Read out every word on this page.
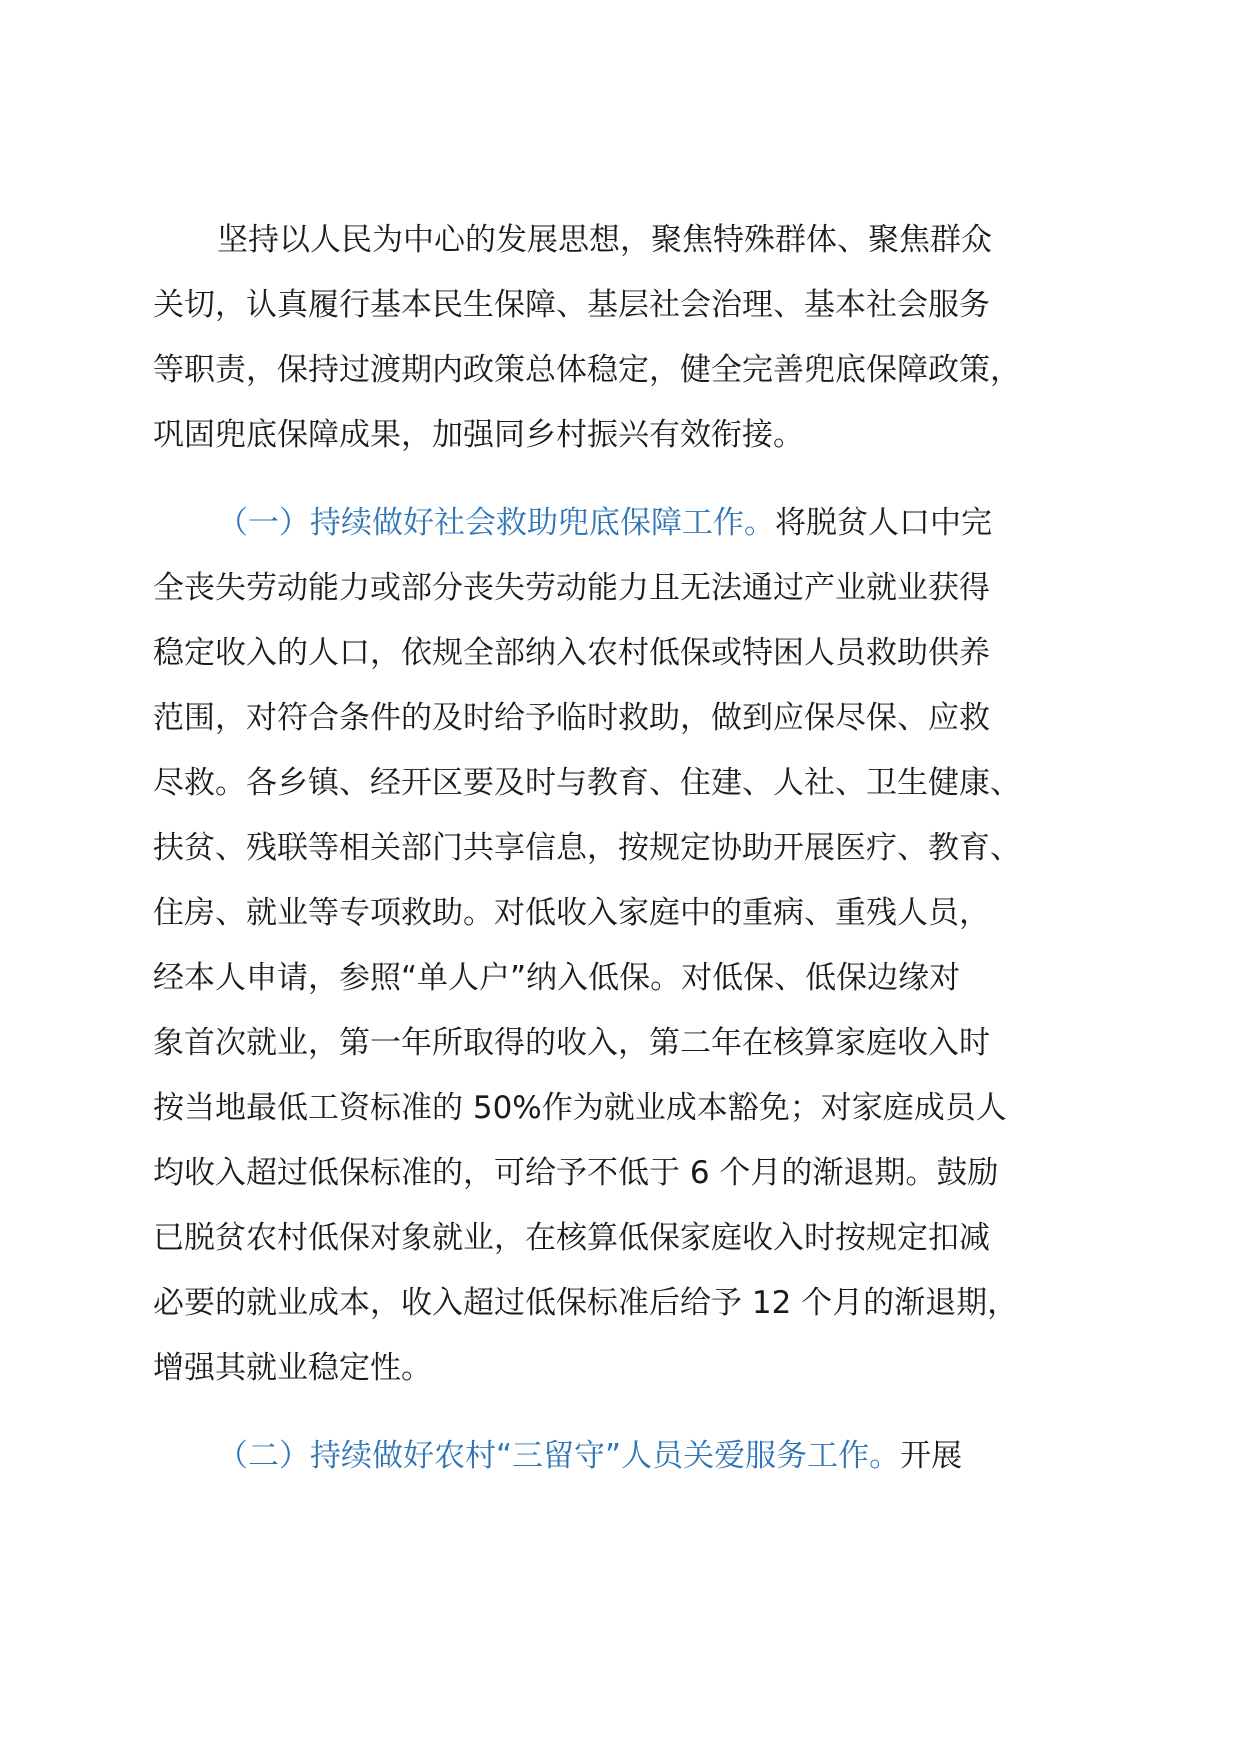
坚持以人民为中心的发展思想，聚焦特殊群体、聚焦群众
关切，认真履行基本民生保障、基层社会治理、基本社会服务
等职责，保持过渡期内政策总体稳定，健全完善兜底保障政策，
巩固兜底保障成果，加强同乡村振兴有效衔接。
（一）持续做好社会救助兜底保障工作。将脱贫人口中完
全丧失劳动能力或部分丧失劳动能力且无法通过产业就业获得
稳定收入的人口，依规全部纳入农村低保或特困人员救助供养
范围，对符合条件的及时给予临时救助，做到应保尽保、应救
尽救。各乡镇、经开区要及时与教育、住建、人社、卫生健康、
扶贫、残联等相关部门共享信息，按规定协助开展医疗、教育、
住房、就业等专项救助。对低收入家庭中的重病、重残人员，
经本人申请，参照“单人户”纳入低保。对低保、低保边缘对
象首次就业，第一年所取得的收入，第二年在核算家庭收入时
按当地最低工资标准的 50%作为就业成本豁免；对家庭成员人
均收入超过低保标准的，可给予不低于 6 个月的渐退期。鼓励
已脱贫农村低保对象就业，在核算低保家庭收入时按规定扣减
必要的就业成本，收入超过低保标准后给予 12 个月的渐退期，
增强其就业稳定性。
（二）持续做好农村“三留守”人员关爱服务工作。开展
